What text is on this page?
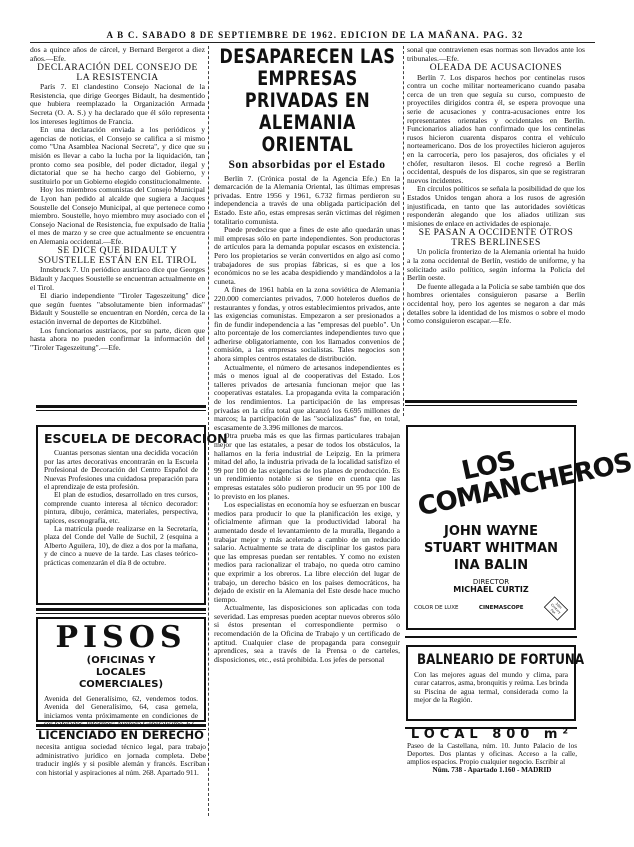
A B C. SABADO 8 DE SEPTIEMBRE DE 1962. EDICION DE LA MAÑANA. PAG. 32

dos a quince años de cárcel, y Bernard Bergerot a diez años.—Efe.

DECLARACIÓN DEL CONSEJO DE LA RESISTENCIA

París 7. El clandestino Consejo Nacional de la Resistencia, que dirige Georges Bidault, ha desmentido que hubiera reemplazado la Organización Armada Secreta (O. A. S.) y ha declarado que él sólo representa los intereses legítimos de Francia.

En una declaración enviada a los periódicos y agencias de noticias, el Consejo se califica a sí mismo como "Una Asamblea Nacional Secreta", y dice que su misión es llevar a cabo la lucha por la liquidación, tan pronto como sea posible, del poder dictador, ilegal y dictatorial que se ha hecho cargo del Gobierno, y sustituirlo por un Gobierno elegido constitucionalmente.

Hoy los miembros comunistas del Consejo Municipal de Lyon han pedido al alcalde que sugiera a Jacques Soustelle del Consejo Municipal, al que pertenece como miembro. Soustelle, hoyo miembro muy asociado con el Consejo Nacional de Resistencia, fue expulsado de Italia el mes de marzo y se cree que actualmente se encuentra en Alemania occidental.—Efe.

SE DICE QUE BIDAULT Y SOUSTELLE ESTÁN EN EL TIROL

Innsbruck 7. Un periódico austríaco dice que Georges Bidault y Jacques Soustelle se encuentran actualmente en el Tirol.

El diario independiente "Tiroler Tageszeitung" dice que según fuentes "absolutamente bien informadas" Bidault y Soustelle se encuentran en Nordén, cerca de la estación invernal de deportes de Kitzbühel.

Los funcionarios austríacos, por su parte, dicen que hasta ahora no pueden confirmar la información del "Tiroler Tageszeitung".—Efe.

ESCUELA DE DECORACION

Cuantas personas sientan una decidida vocación por las artes decorativas encontrarán en la Escuela Profesional de Decoración del Centro Español de Nuevas Profesiones una cuidadosa preparación para el aprendizaje de esta profesión.

El plan de estudios, desarrollado en tres cursos, comprende cuanto interesa al técnico decorador: pintura, dibujo, cerámica, materiales, perspectiva, tapices, escenografía, etc.

La matrícula puede realizarse en la Secretaría, plaza del Conde del Valle de Suchil, 2 (esquina a Alberto Aguilera, 10), de diez a dos por la mañana, y de cinco a nueve de la tarde. Las clases teórico-prácticas comenzarán el día 8 de octubre.

PISOS
(OFICINAS Y LOCALES COMERCIALES)

Avenida del Generalísimo, 62, vendemos todos. Avenida del Generalísimo, 64, casa gemela, iniciamos venta próximamente en condiciones de ser habitados. Informes: Avenida Generalísimo, 62.

LICENCIADO EN DERECHO
necesita antigua sociedad técnico legal, para trabajo administrativo jurídico en jornada completa. Debe traducir inglés y si posible alemán y francés. Escriban con historial y aspiraciones al núm. 268. Apartado 911.
DESAPARECEN LAS EMPRESAS PRIVADAS EN ALEMANIA ORIENTAL
Son absorbidas por el Estado

Berlín 7. (Crónica postal de la Agencia Efe.) En la demarcación de la Alemania Oriental, las últimas empresas privadas. Entre 1956 y 1961, 6.732 firmas perdieron su independencia a través de una obligada participación del Estado. Este año, estas empresas serán víctimas del régimen totalitario comunista.

Puede predecirse que a fines de este año quedarán unas mil empresas sólo en parte independientes. Son productoras de artículos para la demanda popular escasos en existencia. Pero los propietarios se verán convertidos en algo así como trabajadores de sus propias fábricas, si es que a los económicos no se les acaba despidiendo y mandándolos a la cuneta.

A fines de 1961 había en la zona soviética de Alemania 220.000 comerciantes privados, 7.000 hoteleros dueños de restaurantes y fondas, y otros establecimientos privados, ante las exigencias comunistas. Empezaron a ser presionados a fin de fundir independencia a las "empresas del pueblo". Un alto porcentaje de los comerciantes independientes tuvo que adherirse obligatoriamente, con los llamados convenios de comisión, a las empresas socialistas. Tales negocios son ahora simples centros estatales de distribución.

Actualmente, el número de artesanos independientes es más o menos igual al de cooperativas del Estado. Los talleres privados de artesanía funcionan mejor que las cooperativas estatales. La propaganda evita la comparación de los rendimientos. La participación de las empresas privadas en la cifra total que alcanzó los 6.695 millones de marcos; la participación de las "socializadas" fue, en total, escasamente de 3.396 millones de marcos.

Otra prueba más es que las firmas particulares trabajan mejor que las estatales, a pesar de todos los obstáculos, la hallamos en la feria industrial de Leipzig. En la primera mitad del año, la industria privada de la localidad satisfizo el 99 por 100 de las exigencias de los planes de producción. Es un rendimiento notable si se tiene en cuenta que las empresas estatales sólo pudieron producir un 95 por 100 de lo previsto en los planes.

Los especialistas en economía hoy se esfuerzan en buscar medios para producir lo que la planificación les exige, y oficialmente afirman que la productividad laboral ha aumentado desde el levantamiento de la muralla, llegando a trabajar mejor y más acelerado a cambio de un reducido salario. Actualmente se trata de disciplinar los gastos para que las empresas puedan ser rentables. Y como no existen medios para racionalizar el trabajo, no queda otro camino que exprimir a los obreros. La libre elección del lugar de trabajo, un derecho básico en los países democráticos, ha dejado de existir en la Alemania del Este desde hace mucho tiempo.

Actualmente, las disposiciones son aplicadas con toda severidad. Las empresas pueden aceptar nuevos obreros sólo si éstos presentan el correspondiente permiso o recomendación de la Oficina de Trabajo y un certificado de aptitud. Cualquier clase de propaganda para conseguir aprendices, sea a través de la Prensa o de carteles, disposiciones, etc., está prohibida. Los jefes de personal

sonal que contravienen esas normas son llevados ante los tribunales.—Efe.

OLEADA DE ACUSACIONES

Berlín 7. Los disparos hechos por centinelas rusos contra un coche militar norteamericano cuando pasaba cerca de un tren que seguía su curso, compuesto de proyectiles dirigidos contra él, se espera provoque una serie de acusaciones y contra-acusaciones entre los representantes orientales y occidentales en Berlín. Funcionarios aliados han confirmado que los centinelas rusos hicieron cuarenta disparos contra el vehículo norteamericano. Dos de los proyectiles hicieron agujeros en la carrocería, pero los pasajeros, dos oficiales y el chófer, resultaron ilesos. El coche regresó a Berlín occidental, después de los disparos, sin que se registraran nuevos incidentes.

En círculos políticos se señala la posibilidad de que los Estados Unidos tengan ahora a los rusos de agresión injustificada, en tanto que las autoridades soviéticas responderán alegando que los aliados utilizan sus misiones de enlace en actividades de espionaje.

SE PASAN A OCCIDENTE OTROS TRES BERLINESES

Un policía fronterizo de la Alemania oriental ha huido a la zona occidental de Berlín, vestido de uniforme, y ha solicitado asilo político, según informa la Policía del Berlín oeste.

De fuente allegada a la Policía se sabe también que dos hombres orientales consiguieron pasarse a Berlín occidental hoy, pero los agentes se negaron a dar más detalles sobre la identidad de los mismos o sobre el modo como consiguieron escapar.—Efe.

LOS COMANCHEROS
JOHN WAYNE
STUART WHITMAN
INA BALIN
DIRECTOR
MICHAEL CURTIZ
COLOR DE LUXE	CINEMASCOPE	20th Century Fox
BALNEARIO DE FORTUNA

Con las mejores aguas del mundo y clima, para curar catarros, asma, bronquitis y reúma. Les brinda su Piscina de agua termal, considerada como la mejor de la Región.

LOCAL 800 m²
Paseo de la Castellana, núm. 10. Junto Palacio de los Deportes. Dos plantas y oficinas. Acceso a la calle, amplios espacios. Propio cualquier negocio. Escribir al
Núm. 738 - Apartado 1.160 - MADRID
